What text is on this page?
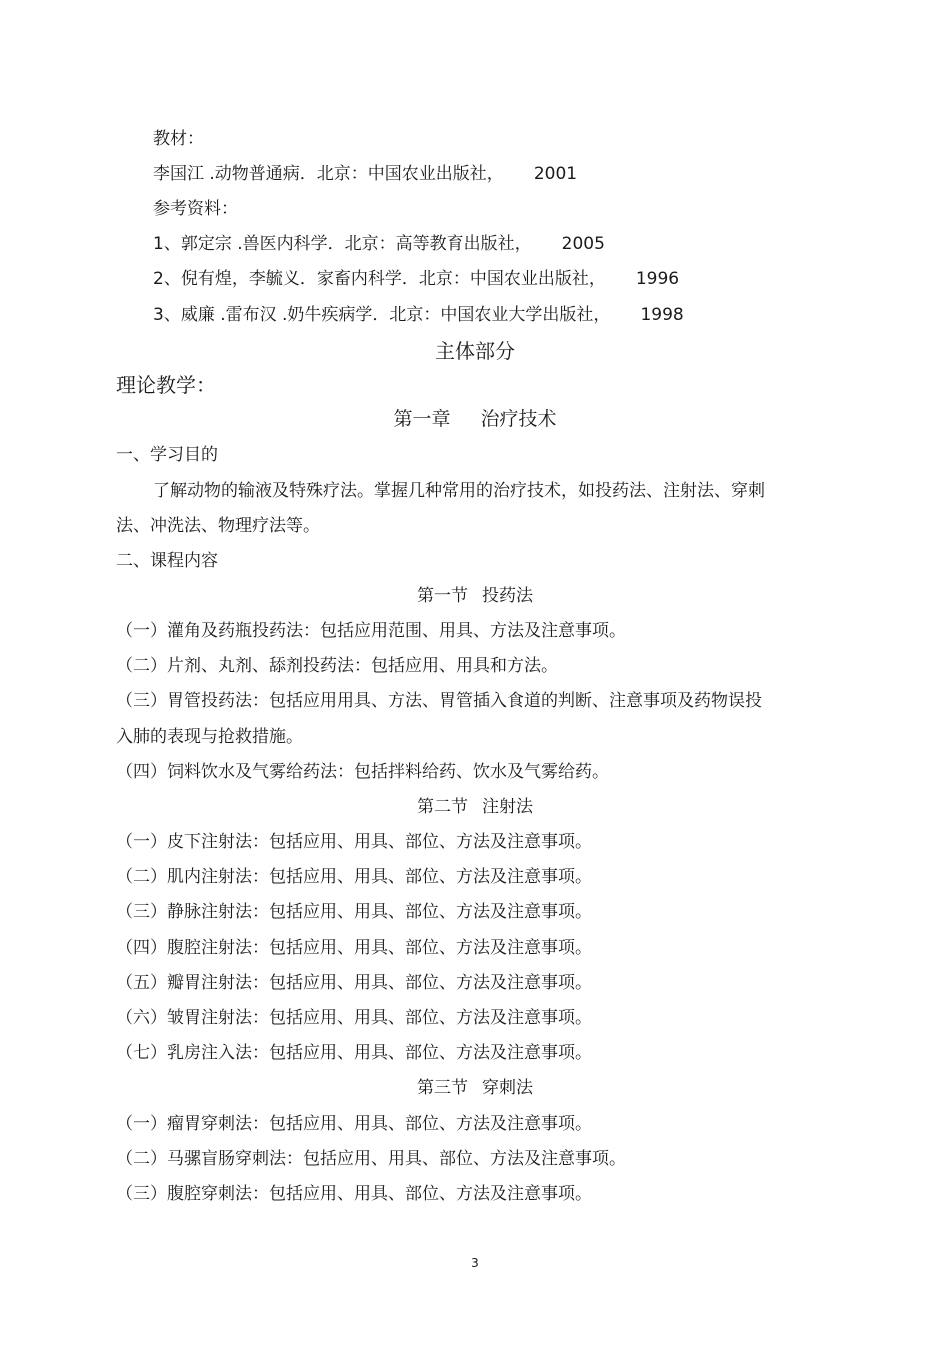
教材：
李国江 .动物普通病．北京：中国农业出版社， 2001
参考资料：
1、郭定宗 .兽医内科学．北京：高等教育出版社， 2005
2、倪有煌，李毓义．家畜内科学．北京：中国农业出版社， 1996
3、威廉 .雷布汉 .奶牛疾病学．北京：中国农业大学出版社， 1998
主体部分
理论教学：
第一章 治疗技术
一、学习目的
了解动物的输液及特殊疗法。掌握几种常用的治疗技术，如投药法、注射法、穿刺
法、冲洗法、物理疗法等。
二、课程内容
第一节 投药法
（一）灌角及药瓶投药法：包括应用范围、用具、方法及注意事项。
（二）片剂、丸剂、舔剂投药法：包括应用、用具和方法。
（三）胃管投药法：包括应用用具、方法、胃管插入食道的判断、注意事项及药物误投
入肺的表现与抢救措施。
（四）饲料饮水及气雾给药法：包括拌料给药、饮水及气雾给药。
第二节 注射法
（一）皮下注射法：包括应用、用具、部位、方法及注意事项。
（二）肌内注射法：包括应用、用具、部位、方法及注意事项。
（三）静脉注射法：包括应用、用具、部位、方法及注意事项。
（四）腹腔注射法：包括应用、用具、部位、方法及注意事项。
（五）瓣胃注射法：包括应用、用具、部位、方法及注意事项。
（六）皱胃注射法：包括应用、用具、部位、方法及注意事项。
（七）乳房注入法：包括应用、用具、部位、方法及注意事项。
第三节 穿刺法
（一）瘤胃穿刺法：包括应用、用具、部位、方法及注意事项。
（二）马骡盲肠穿刺法：包括应用、用具、部位、方法及注意事项。
（三）腹腔穿刺法：包括应用、用具、部位、方法及注意事项。
3
